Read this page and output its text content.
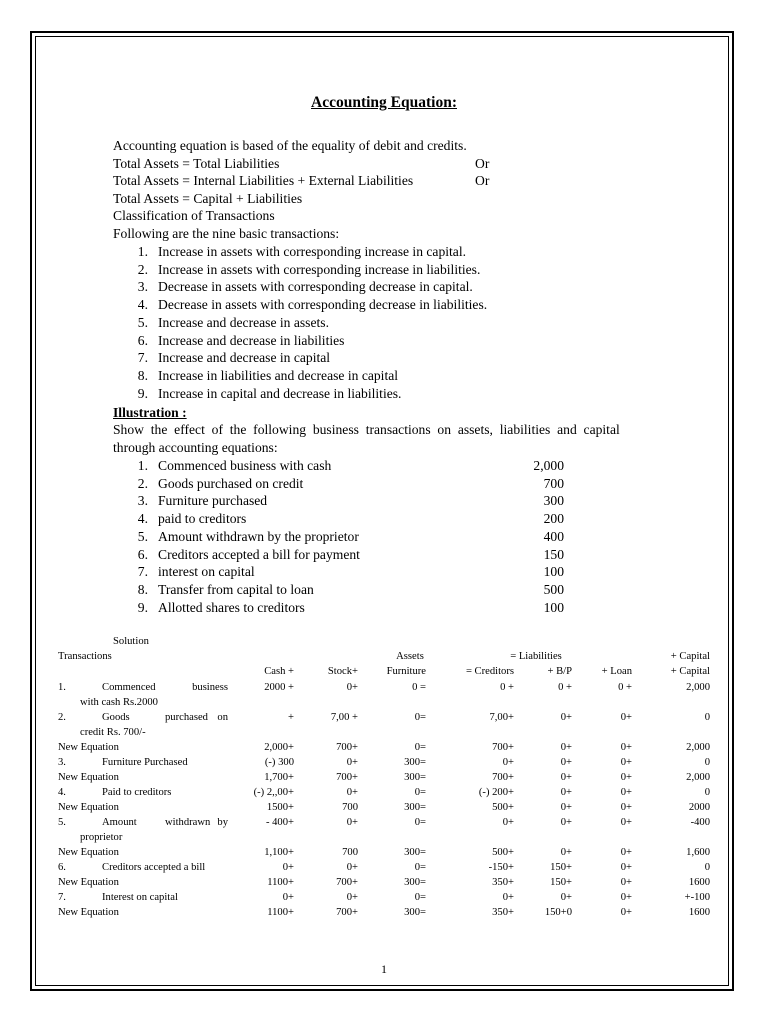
Accounting Equation:
Accounting equation is based of the equality of debit and credits.
Total Assets = Total Liabilities	Or
Total Assets = Internal Liabilities + External Liabilities	Or
Total Assets = Capital + Liabilities
Classification of Transactions
Following are the nine basic transactions:
1. Increase in assets with corresponding increase in capital.
2. Increase in assets with corresponding increase in liabilities.
3. Decrease in assets with corresponding decrease in capital.
4. Decrease in assets with corresponding decrease in liabilities.
5. Increase and decrease in assets.
6. Increase and decrease in liabilities
7. Increase and decrease in capital
8. Increase in liabilities and decrease in capital
9. Increase in capital and decrease in liabilities.
Illustration :
Show  the  effect  of  the  following  business  transactions  on  assets,  liabilities  and  capital
through accounting equations:
1. Commenced business with cash	2,000
2. Goods purchased on credit	700
3. Furniture purchased	300
4. paid to creditors	200
5. Amount withdrawn by the proprietor	400
6. Creditors accepted a bill for payment	150
7. interest on capital	100
8. Transfer from capital to loan	500
9. Allotted shares to creditors	100
Solution
Transactions	Assets	= Liabilities	+ Capital
Cash +	Stock+	Furniture	= Creditors	+ B/P	+ Loan	+ Capital
1.	Commenced	business	2000 +	0+	0 =	0 +	0 +	0 +	2,000
with cash Rs.2000
2.	Goods	purchased on	+	7,00 +	0=	7,00+	0+	0+	0
credit Rs. 700/-
New Equation	2,000+	700+	0=	700+	0+	0+	2,000
3.	Furniture Purchased	(-) 300	0+	300=	0+	0+	0+	0
New Equation	1,700+	700+	300=	700+	0+	0+	2,000
4.	Paid to creditors	(-) 2,,00+	0+	0=	(-) 200+	0+	0+	0
New Equation	1500+	700	300=	500+	0+	0+	2000
5.	Amount	withdrawn by	- 400+	0+	0=	0+	0+	0+	-400
proprietor
New Equation	1,100+	700	300=	500+	0+	0+	1,600
6.	Creditors accepted a bill	0+	0+	0=	-150+	150+	0+	0
New Equation	1100+	700+	300=	350+	150+	0+	1600
7.	Interest on capital	0+	0+	0=	0+	0+	0+	+-100
New Equation	1100+	700+	300=	350+	150+0	0+	1600
1
